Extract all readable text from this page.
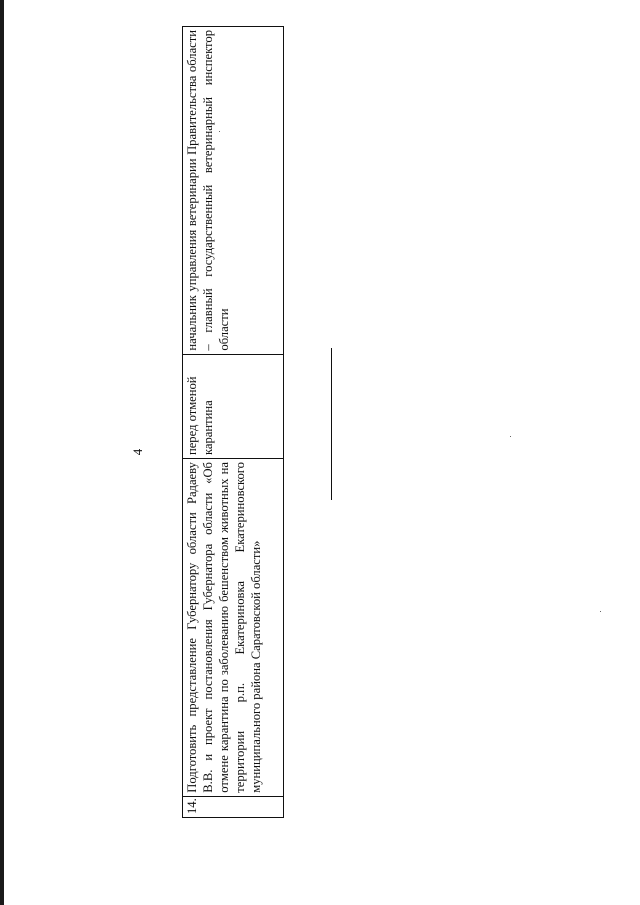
4
14.	Подготовить представление Губернатору области Радаеву В.В. и проект постановления Губернатора области «Об отмене карантина по заболеванию бешенством животных на территории р.п. Екатериновка Екатериновского муниципального района Саратовской области»	перед отменой карантина	начальник управления ветеринарии Правительства области – главный государственный ветеринарный инспектор области
